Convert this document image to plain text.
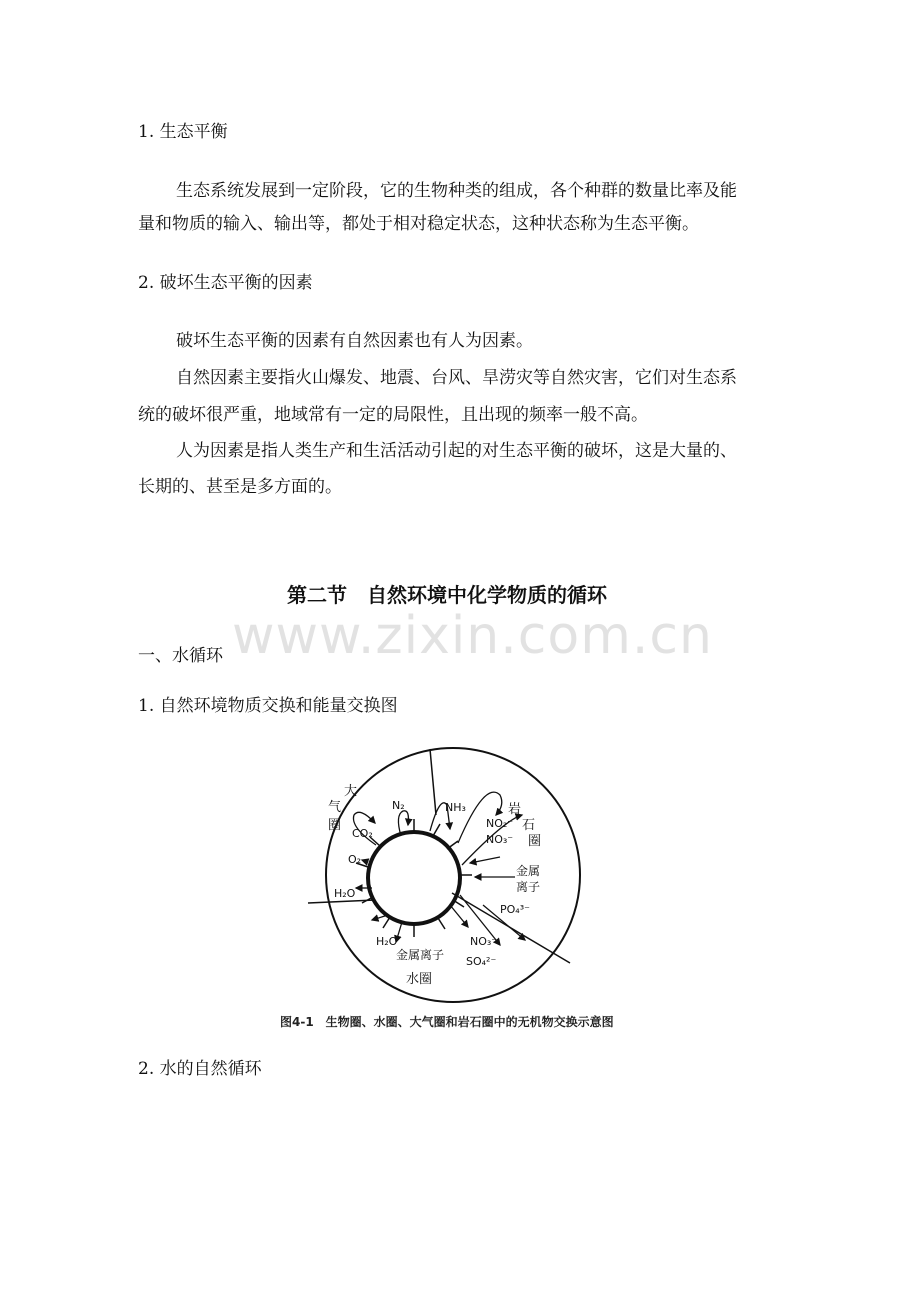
1. 生态平衡
生态系统发展到一定阶段，它的生物种类的组成，各个种群的数量比率及能
量和物质的输入、输出等，都处于相对稳定状态，这种状态称为生态平衡。
2. 破坏生态平衡的因素
破坏生态平衡的因素有自然因素也有人为因素。
自然因素主要指火山爆发、地震、台风、旱涝灾等自然灾害，它们对生态系
统的破坏很严重，地域常有一定的局限性，且出现的频率一般不高。
人为因素是指人类生产和生活活动引起的对生态平衡的破坏，这是大量的、
长期的、甚至是多方面的。
www.zixin.com.cn
第二节　自然环境中化学物质的循环
一、水循环
1. 自然环境物质交换和能量交换图
大
气
圈
岩
石
圈
水圈
N₂	NH₃
CO₂
O₂
H₂O
H₂O
NO₂⁻
NO₃⁻
金属
离子
PO₄³⁻
金属离子
NO₃⁻
SO₄²⁻
图4-1　生物圈、水圈、大气圈和岩石圈中的无机物交换示意图
2. 水的自然循环
